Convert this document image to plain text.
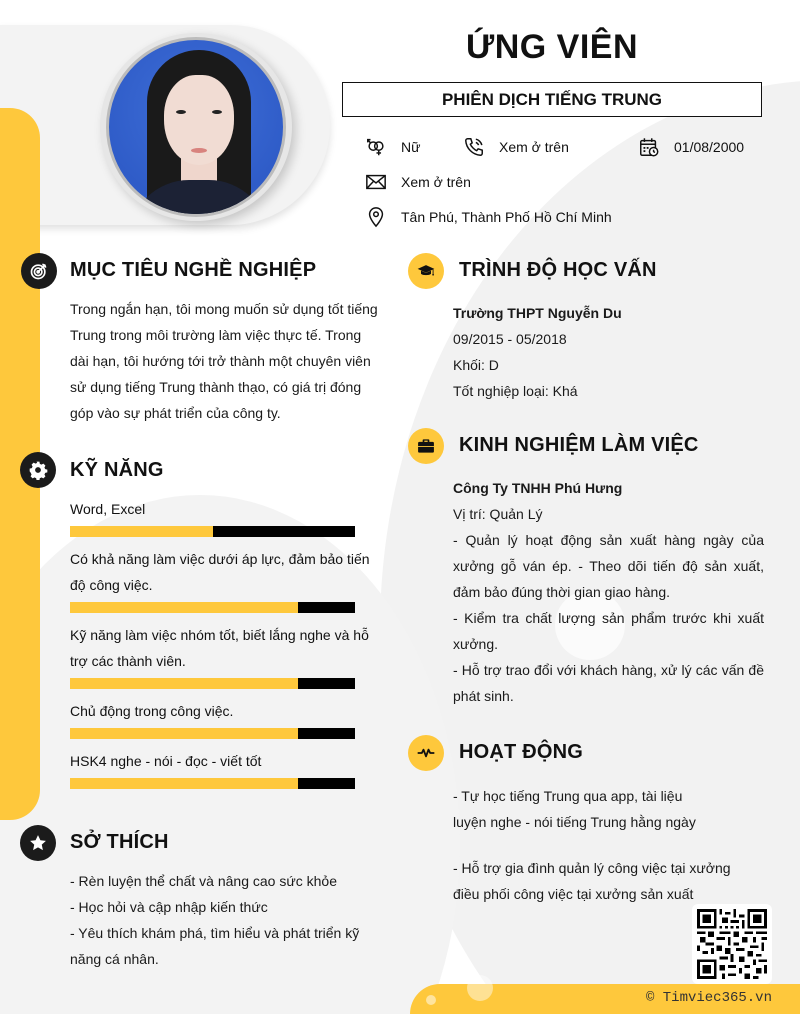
ỨNG VIÊN
PHIÊN DỊCH TIẾNG TRUNG
Nữ	Xem ở trên	01/08/2000
Xem ở trên
Tân Phú, Thành Phố Hồ Chí Minh
MỤC TIÊU NGHỀ NGHIỆP
Trong ngắn hạn, tôi mong muốn sử dụng tốt tiếng
Trung trong môi trường làm việc thực tế. Trong
dài hạn, tôi hướng tới trở thành một chuyên viên
sử dụng tiếng Trung thành thạo, có giá trị đóng
góp vào sự phát triển của công ty.
KỸ NĂNG
Word, Excel
Có khả năng làm việc dưới áp lực, đảm bảo tiến độ công việc.
Kỹ năng làm việc nhóm tốt, biết lắng nghe và hỗ trợ các thành viên.
Chủ động trong công việc.
HSK4 nghe - nói - đọc - viết tốt
SỞ THÍCH
- Rèn luyện thể chất và nâng cao sức khỏe
- Học hỏi và cập nhập kiến thức
- Yêu thích khám phá, tìm hiểu và phát triển kỹ
năng cá nhân.
TRÌNH ĐỘ HỌC VẤN
Trường THPT Nguyễn Du
09/2015 - 05/2018
Khối: D
Tốt nghiệp loại: Khá
KINH NGHIỆM LÀM VIỆC
Công Ty TNHH Phú Hưng
Vị trí: Quản Lý
- Quản lý hoạt động sản xuất hàng ngày của xưởng gỗ ván ép. - Theo dõi tiến độ sản xuất, đảm bảo đúng thời gian giao hàng.
- Kiểm tra chất lượng sản phẩm trước khi xuất xưởng.
- Hỗ trợ trao đổi với khách hàng, xử lý các vấn đề phát sinh.
HOẠT ĐỘNG
- Tự học tiếng Trung qua app, tài liệu
luyện nghe - nói tiếng Trung hằng ngày
- Hỗ trợ gia đình quản lý công việc tại xưởng
điều phối công việc tại xưởng sản xuất
© Timviec365.vn
